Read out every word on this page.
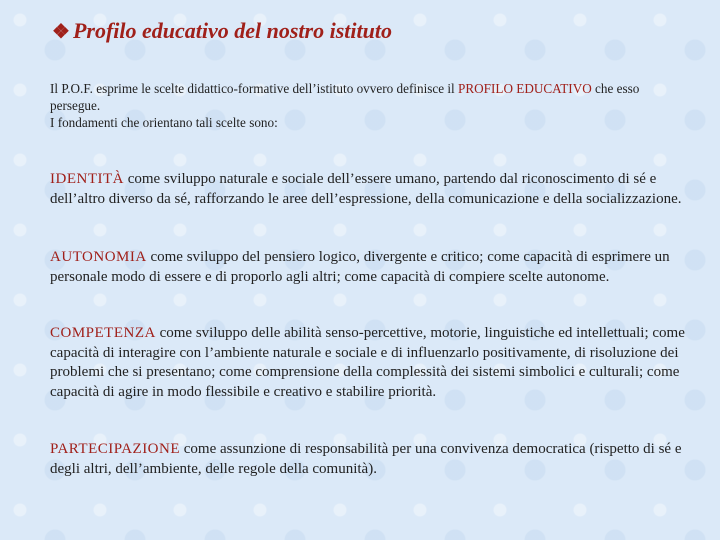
❖ Profilo educativo del nostro istituto
Il P.O.F. esprime le scelte didattico-formative dell’istituto ovvero definisce il PROFILO EDUCATIVO che esso persegue.
I fondamenti che orientano tali scelte sono:

IDENTITÀ come sviluppo naturale e sociale dell’essere umano, partendo dal riconoscimento di sé e dell’altro diverso da sé, rafforzando le aree dell’espressione, della comunicazione e della socializzazione.

AUTONOMIA come sviluppo del pensiero logico, divergente e critico; come capacità di esprimere un personale modo di essere e di proporlo agli altri; come capacità di compiere scelte autonome.

COMPETENZA come sviluppo delle abilità senso-percettive, motorie, linguistiche ed intellettuali; come capacità di interagire con l’ambiente naturale e sociale e di influenzarlo positivamente, di risoluzione dei problemi che si presentano; come comprensione della complessità dei sistemi simbolici e culturali; come capacità di agire in modo flessibile e creativo e stabilire priorità.

PARTECIPAZIONE come assunzione di responsabilità per una convivenza democratica (rispetto di sé e degli altri, dell’ambiente, delle regole della comunità).
